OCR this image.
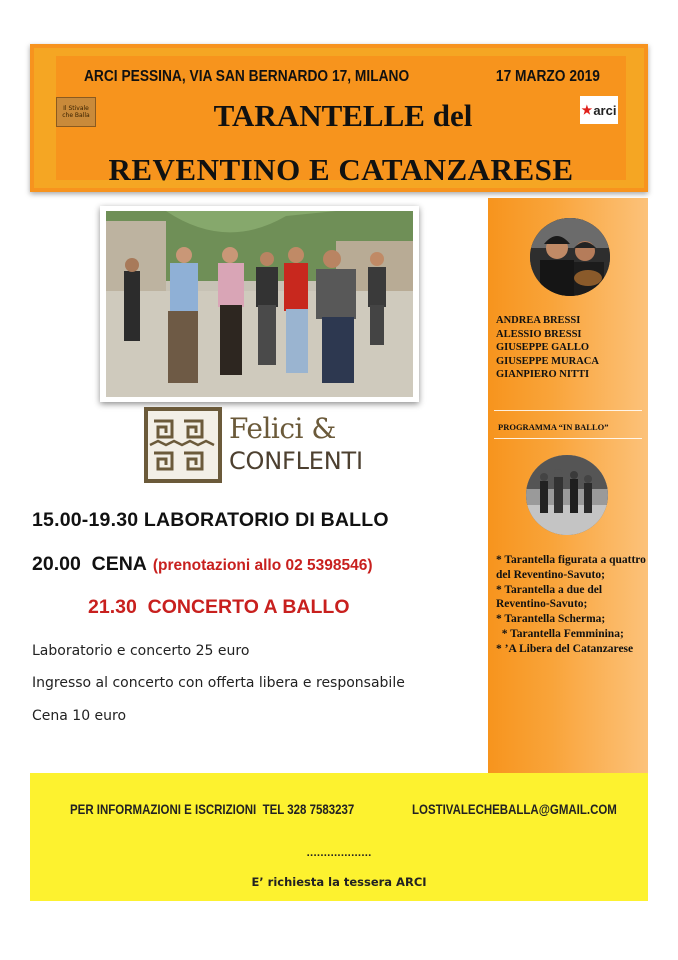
ARCI PESSINA, VIA SAN BERNARDO 17, MILANO	17 MARZO 2019
TARANTELLE del
REVENTINO E CATANZARESE
Il Stivale che Balla	★ arci
ANDREA BRESSI
ALESSIO BRESSI
GIUSEPPE GALLO
GIUSEPPE MURACA
GIANPIERO NITTI
PROGRAMMA “IN BALLO”
* Tarantella figurata a quattro del Reventino-Savuto;
* Tarantella a due del Reventino-Savuto;
* Tarantella Scherma;
* Tarantella Femminina;
* ’A Libera del Catanzarese
Felici &
CONFLENTI
15.00-19.30 LABORATORIO DI BALLO
20.00  CENA (prenotazioni allo 02 5398546)
21.30  CONCERTO A BALLO
Laboratorio e concerto 25 euro
Ingresso al concerto con offerta libera e responsabile
Cena 10 euro
PER INFORMAZIONI E ISCRIZIONI  TEL 328 7583237	LOSTIVALECHEBALLA@GMAIL.COM
...................
E’ richiesta la tessera ARCI
